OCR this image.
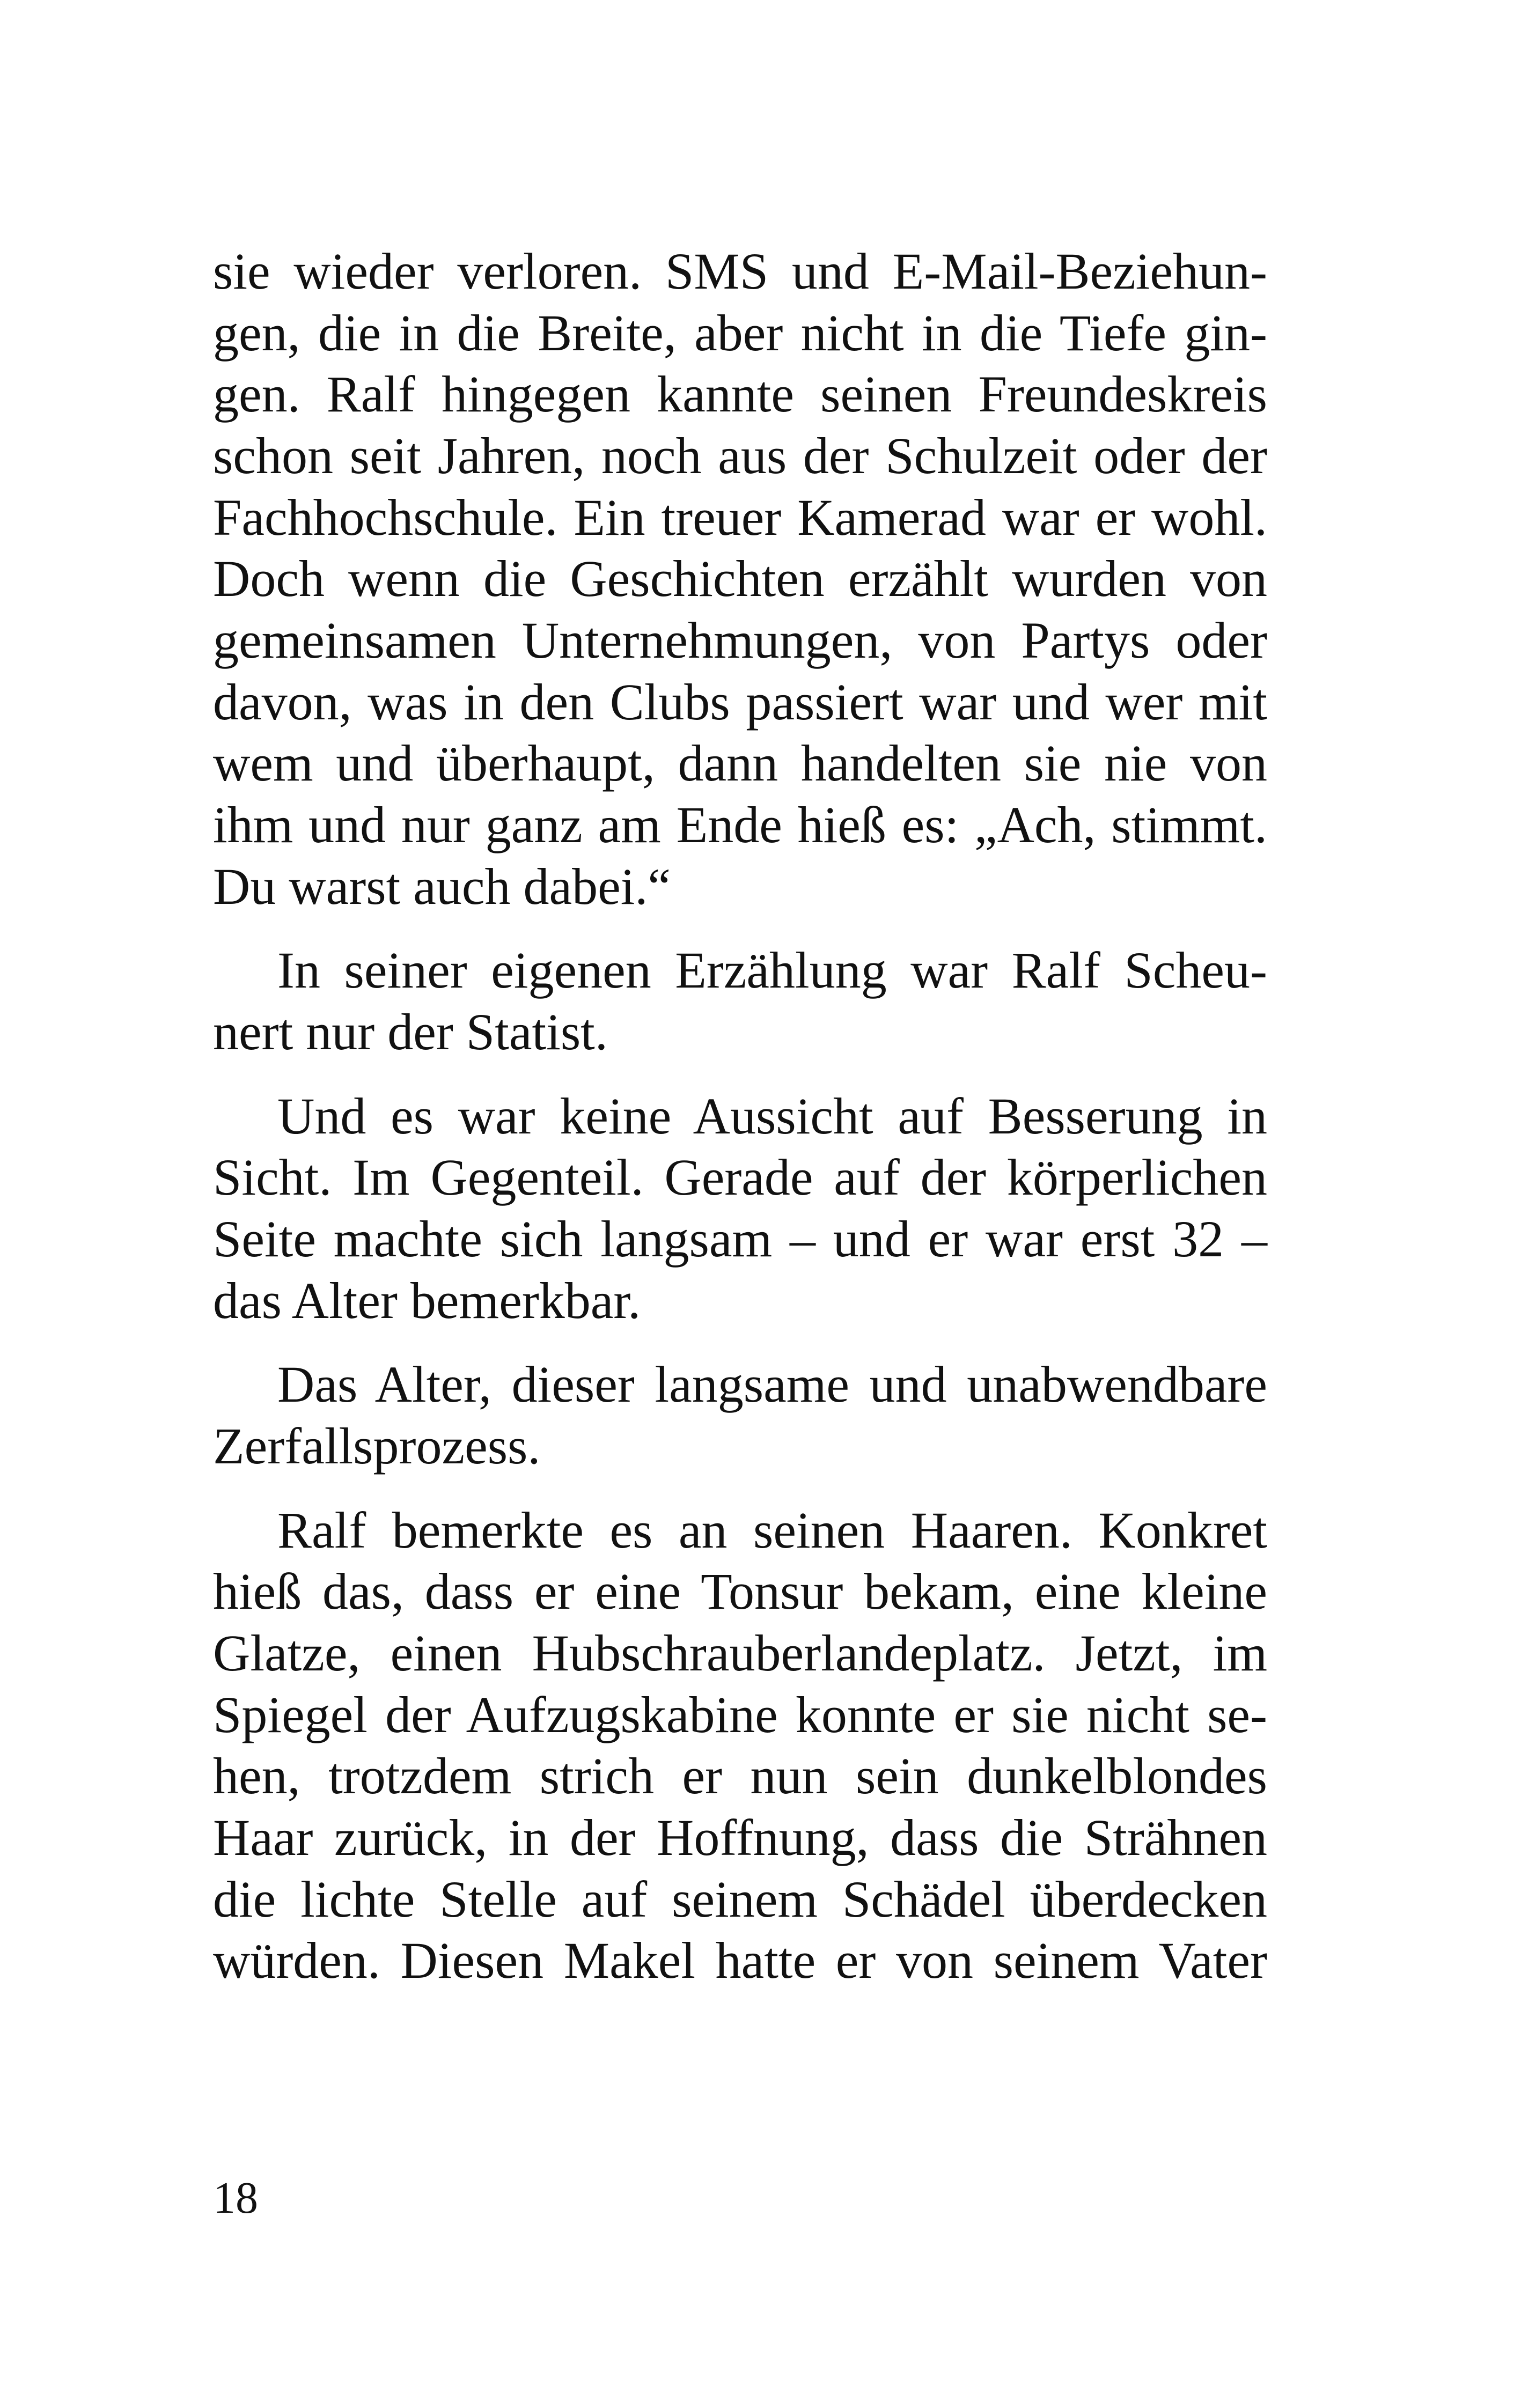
sie wieder verloren. SMS und E-Mail-Beziehun-
gen, die in die Breite, aber nicht in die Tiefe gin-
gen. Ralf hingegen kannte seinen Freundeskreis
schon seit Jahren, noch aus der Schulzeit oder der
Fachhochschule. Ein treuer Kamerad war er wohl.
Doch wenn die Geschichten erzählt wurden von
gemeinsamen Unternehmungen, von Partys oder
davon, was in den Clubs passiert war und wer mit
wem und überhaupt, dann handelten sie nie von
ihm und nur ganz am Ende hieß es: „Ach, stimmt.
Du warst auch dabei.“
In seiner eigenen Erzählung war Ralf Scheu-
nert nur der Statist.
Und es war keine Aussicht auf Besserung in
Sicht. Im Gegenteil. Gerade auf der körperlichen
Seite machte sich langsam – und er war erst 32 –
das Alter bemerkbar.
Das Alter, dieser langsame und unabwendbare
Zerfallsprozess.
Ralf bemerkte es an seinen Haaren. Konkret
hieß das, dass er eine Tonsur bekam, eine kleine
Glatze, einen Hubschrauberlandeplatz. Jetzt, im
Spiegel der Aufzugskabine konnte er sie nicht se-
hen, trotzdem strich er nun sein dunkelblondes
Haar zurück, in der Hoffnung, dass die Strähnen
die lichte Stelle auf seinem Schädel überdecken
würden. Diesen Makel hatte er von seinem Vater
18
